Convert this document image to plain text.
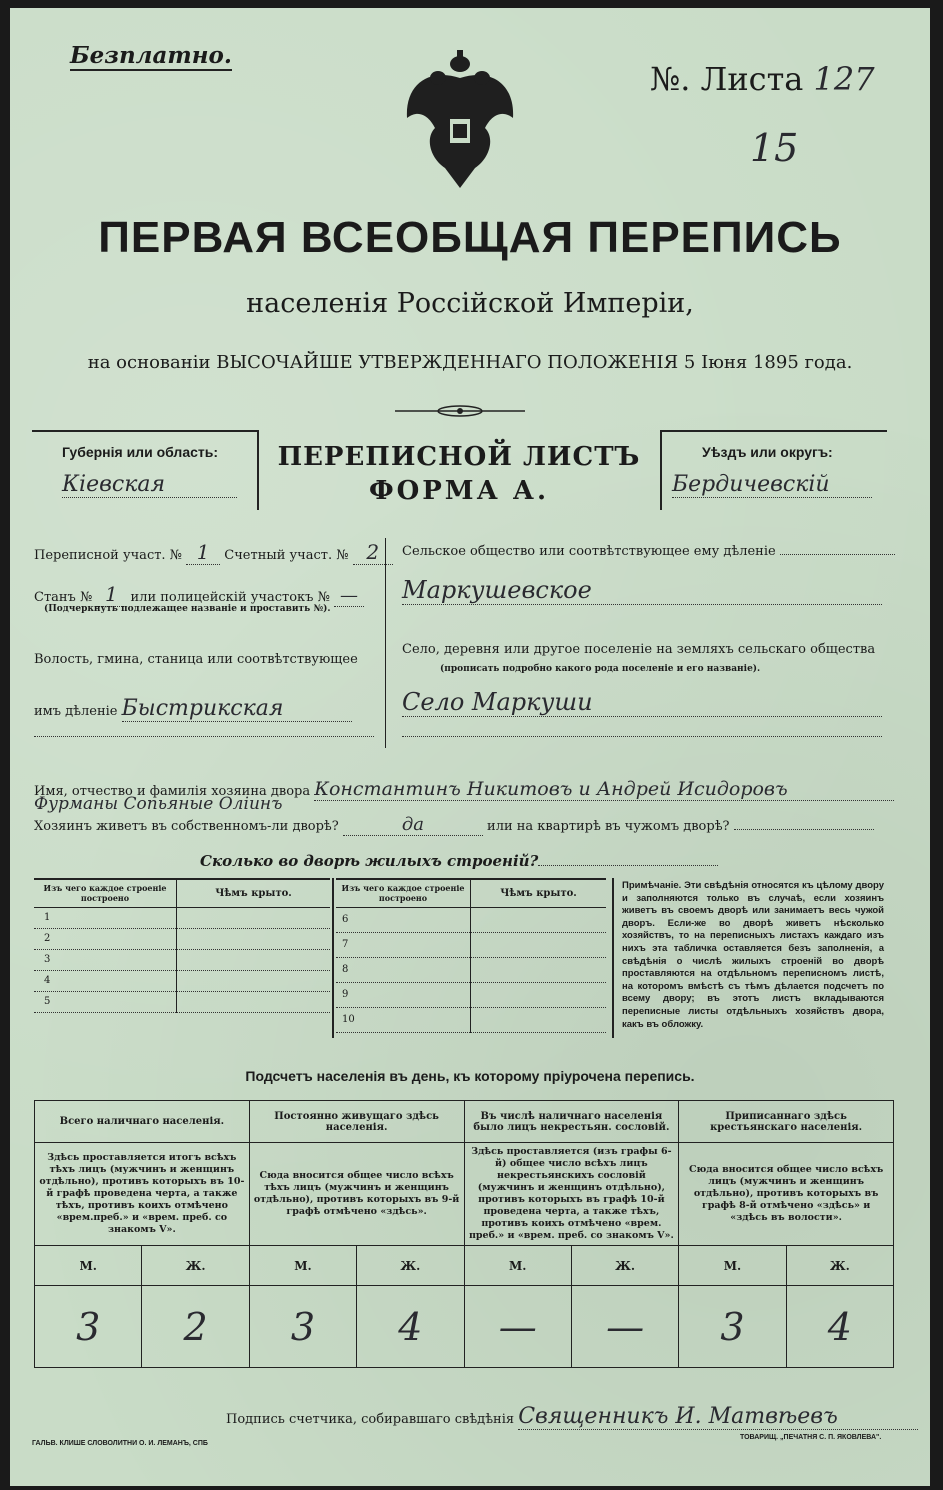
Безплатно.
№. Листа 127
15
ПЕРВАЯ ВСЕОБЩАЯ ПЕРЕПИСЬ
населенія Россійской Имперіи,
на основаніи ВЫСОЧАЙШЕ УТВЕРЖДЕННАГО ПОЛОЖЕНІЯ 5 Іюня 1895 года.
Губернія или область:
Кіевская
ПЕРЕПИСНОЙ ЛИСТЪ
ФОРМА А.
Уѣздъ или округъ:
Бердичевскій
Переписной участ. № 1 Счетный участ. № 2
Станъ № 1 или полицейскій участокъ № —
(Подчеркнуть подлежащее названіе и проставить №).
Волость, гмина, станица или соотвѣтствующее
имъ дѣленіе Быстрикская
Сельское общество или соотвѣтствующее ему дѣленіе
Маркушевское
Село, деревня или другое поселеніе на земляхъ сельскаго общества
(прописать подробно какого рода поселеніе и его названіе).
Село Маркуши
Имя, отчество и фамилія хозяина двора Константинъ Никитовъ и Андрей Исидоровъ
Фурманы Сопьяные Оліинъ
Хозяинъ живетъ въ собственномъ-ли дворѣ?	да	или на квартирѣ въ чужомъ дворѣ?
Сколько во дворѣ жилыхъ строеній?
Изъ чего каждое строеніе построено	Чѣмъ крыто.
1	
2	
3	
4	
5	
Изъ чего каждое строеніе построено	Чѣмъ крыто.
6	
7	
8	
9	
10	
Примѣчаніе. Эти свѣдѣнія относятся къ цѣлому двору и заполняются только въ случаѣ, если хозяинъ живетъ въ своемъ дворѣ или занимаетъ весь чужой дворъ. Если-же во дворѣ живетъ нѣсколько хозяйствъ, то на переписныхъ листахъ каждаго изъ нихъ эта табличка оставляется безъ заполненія, а свѣдѣнія о числѣ жилыхъ строеній во дворѣ проставляются на отдѣльномъ переписномъ листѣ, на которомъ вмѣстѣ съ тѣмъ дѣлается подсчетъ по всему двору; въ этотъ листъ вкладываются переписные листы отдѣльныхъ хозяйствъ двора, какъ въ обложку.
Подсчетъ населенія въ день, къ которому пріурочена перепись.
Всего наличнаго населенія.		Постоянно живущаго здѣсь населенія.		Въ числѣ наличнаго населенія было лицъ некрестьян. сословій.		Приписаннаго здѣсь крестьянскаго населенія.	
Здѣсь проставляется итогъ всѣхъ тѣхъ лицъ (мужчинъ и женщинъ отдѣльно), противъ которыхъ въ 10-й графѣ проведена черта, а также тѣхъ, противъ коихъ отмѣчено «врем.преб.» и «врем. преб. со знакомъ V».		Сюда вносится общее число всѣхъ тѣхъ лицъ (мужчинъ и женщинъ отдѣльно), противъ которыхъ въ 9-й графѣ отмѣчено «здѣсь».		Здѣсь проставляется (изъ графы 6-й) общее число всѣхъ лицъ некрестьянскихъ сословій (мужчинъ и женщинъ отдѣльно), противъ которыхъ въ графѣ 10-й проведена черта, а также тѣхъ, противъ коихъ отмѣчено «врем. преб.» и «врем. преб. со знакомъ V».		Сюда вносится общее число всѣхъ лицъ (мужчинъ и женщинъ отдѣльно), противъ которыхъ въ графѣ 8-й отмѣчено «здѣсь» и «здѣсь въ волости».	
М.	Ж.	М.	Ж.	М.	Ж.	М.	Ж.
3	2	3	4	—	—	3	4
Подпись счетчика, собиравшаго свѣдѣнія Священникъ И. Матвѣевъ
ГАЛЬВ. КЛИШЕ СЛОВОЛИТНИ О. И. ЛЕМАНЪ, СПБ
ТОВАРИЩ. „ПЕЧАТНЯ С. П. ЯКОВЛЕВА".
